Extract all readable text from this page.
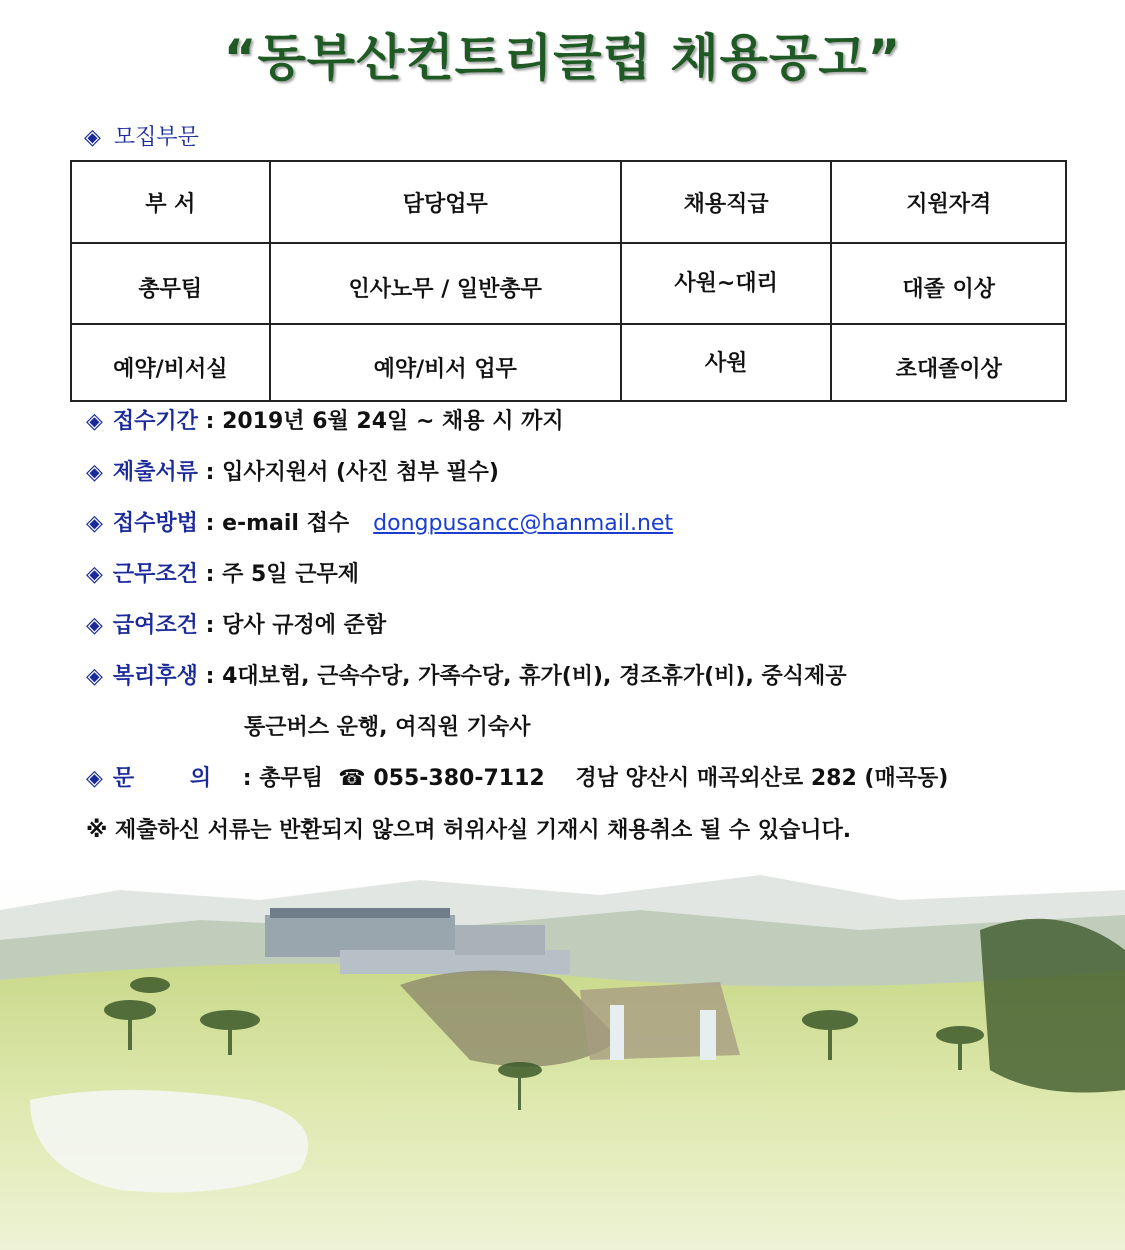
“동부산컨트리클럽 채용공고”
◈ 모집부문
부 서	담당업무	채용직급	지원자격
총무팀	인사노무 / 일반총무	사원~대리	대졸 이상
예약/비서실	예약/비서 업무	사원	초대졸이상
◈ 접수기간 : 2019년 6월 24일 ~ 채용 시 까지
◈ 제출서류 : 입사지원서 (사진 첨부 필수)
◈ 접수방법 : e-mail 접수 dongpusancc@hanmail.net
◈ 근무조건 : 주 5일 근무제
◈ 급여조건 : 당사 규정에 준함
◈ 복리후생 : 4대보험, 근속수당, 가족수당, 휴가(비), 경조휴가(비), 중식제공
통근버스 운행, 여직원 기숙사
◈ 문 의 : 총무팀  ☎ 055-380-7112    경남 양산시 매곡외산로 282 (매곡동)
※ 제출하신 서류는 반환되지 않으며 허위사실 기재시 채용취소 될 수 있습니다.
